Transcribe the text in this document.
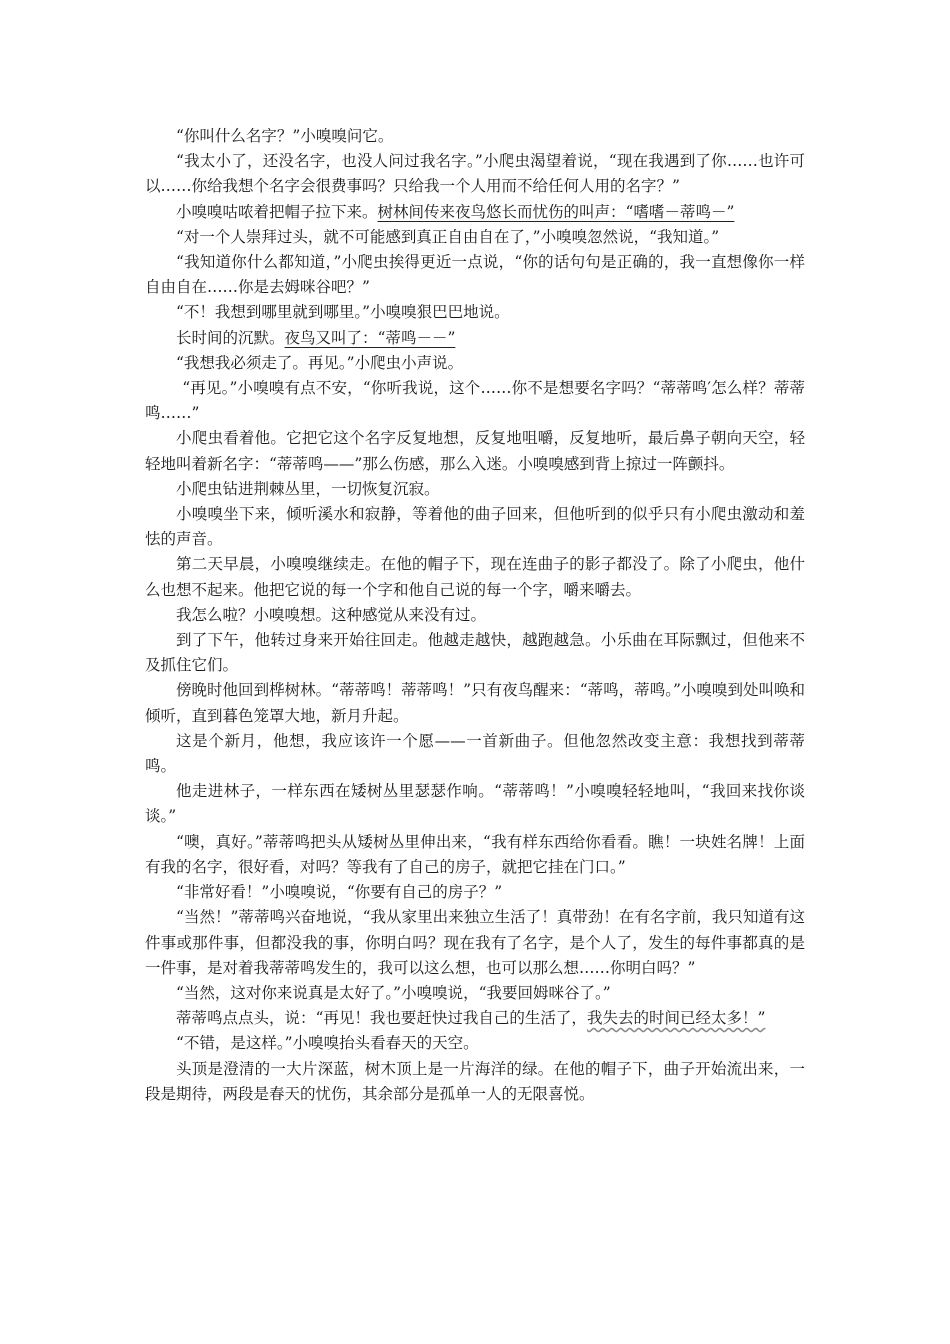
“你叫什么名字？”小嗅嗅问它。

“我太小了，还没名字，也没人问过我名字。”小爬虫渴望着说，“现在我遇到了你……也许可以……你给我想个名字会很费事吗？只给我一个人用而不给任何人用的名字？”

小嗅嗅咕哝着把帽子拉下来。树林间传来夜鸟悠长而忧伤的叫声：“嗜嗜－蒂鸣－”

“对一个人崇拜过头，就不可能感到真正自由自在了，”小嗅嗅忽然说，“我知道。”

“我知道你什么都知道，”小爬虫挨得更近一点说，“你的话句句是正确的，我一直想像你一样自由自在……你是去姆咪谷吧？”

“不！我想到哪里就到哪里。”小嗅嗅狠巴巴地说。

长时间的沉默。夜鸟又叫了：“蒂鸣－－”

“我想我必须走了。再见。”小爬虫小声说。

“再见。”小嗅嗅有点不安，“你听我说，这个……你不是想要名字吗？“蒂蒂鸣′怎么样？蒂蒂鸣……”

小爬虫看着他。它把它这个名字反复地想，反复地咀嚼，反复地听，最后鼻子朝向天空，轻轻地叫着新名字：“蒂蒂鸣——”那么伤感，那么入迷。小嗅嗅感到背上掠过一阵颤抖。

小爬虫钻进荆棘丛里，一切恢复沉寂。

小嗅嗅坐下来，倾听溪水和寂静，等着他的曲子回来，但他听到的似乎只有小爬虫激动和羞怯的声音。

第二天早晨，小嗅嗅继续走。在他的帽子下，现在连曲子的影子都没了。除了小爬虫，他什么也想不起来。他把它说的每一个字和他自己说的每一个字，嚼来嚼去。

我怎么啦？小嗅嗅想。这种感觉从来没有过。

到了下午，他转过身来开始往回走。他越走越快，越跑越急。小乐曲在耳际飘过，但他来不及抓住它们。

傍晚时他回到桦树林。“蒂蒂鸣！蒂蒂鸣！”只有夜鸟醒来：“蒂鸣，蒂鸣。”小嗅嗅到处叫唤和倾听，直到暮色笼罩大地，新月升起。

这是个新月，他想，我应该许一个愿——一首新曲子。但他忽然改变主意：我想找到蒂蒂鸣。

他走进林子，一样东西在矮树丛里瑟瑟作响。“蒂蒂鸣！”小嗅嗅轻轻地叫，“我回来找你谈谈。”

“噢，真好。”蒂蒂鸣把头从矮树丛里伸出来，“我有样东西给你看看。瞧！一块姓名牌！上面有我的名字，很好看，对吗？等我有了自己的房子，就把它挂在门口。”

“非常好看！”小嗅嗅说，“你要有自己的房子？”

“当然！”蒂蒂鸣兴奋地说，“我从家里出来独立生活了！真带劲！在有名字前，我只知道有这件事或那件事，但都没我的事，你明白吗？现在我有了名字，是个人了，发生的每件事都真的是一件事，是对着我蒂蒂鸣发生的，我可以这么想，也可以那么想……你明白吗？”

“当然，这对你来说真是太好了。”小嗅嗅说，“我要回姆咪谷了。”

蒂蒂鸣点点头，说：“再见！我也要赶快过我自己的生活了，我失去的时间已经太多！”

“不错，是这样。”小嗅嗅抬头看春天的天空。

头顶是澄清的一大片深蓝，树木顶上是一片海洋的绿。在他的帽子下，曲子开始流出来，一段是期待，两段是春天的忧伤，其余部分是孤单一人的无限喜悦。
